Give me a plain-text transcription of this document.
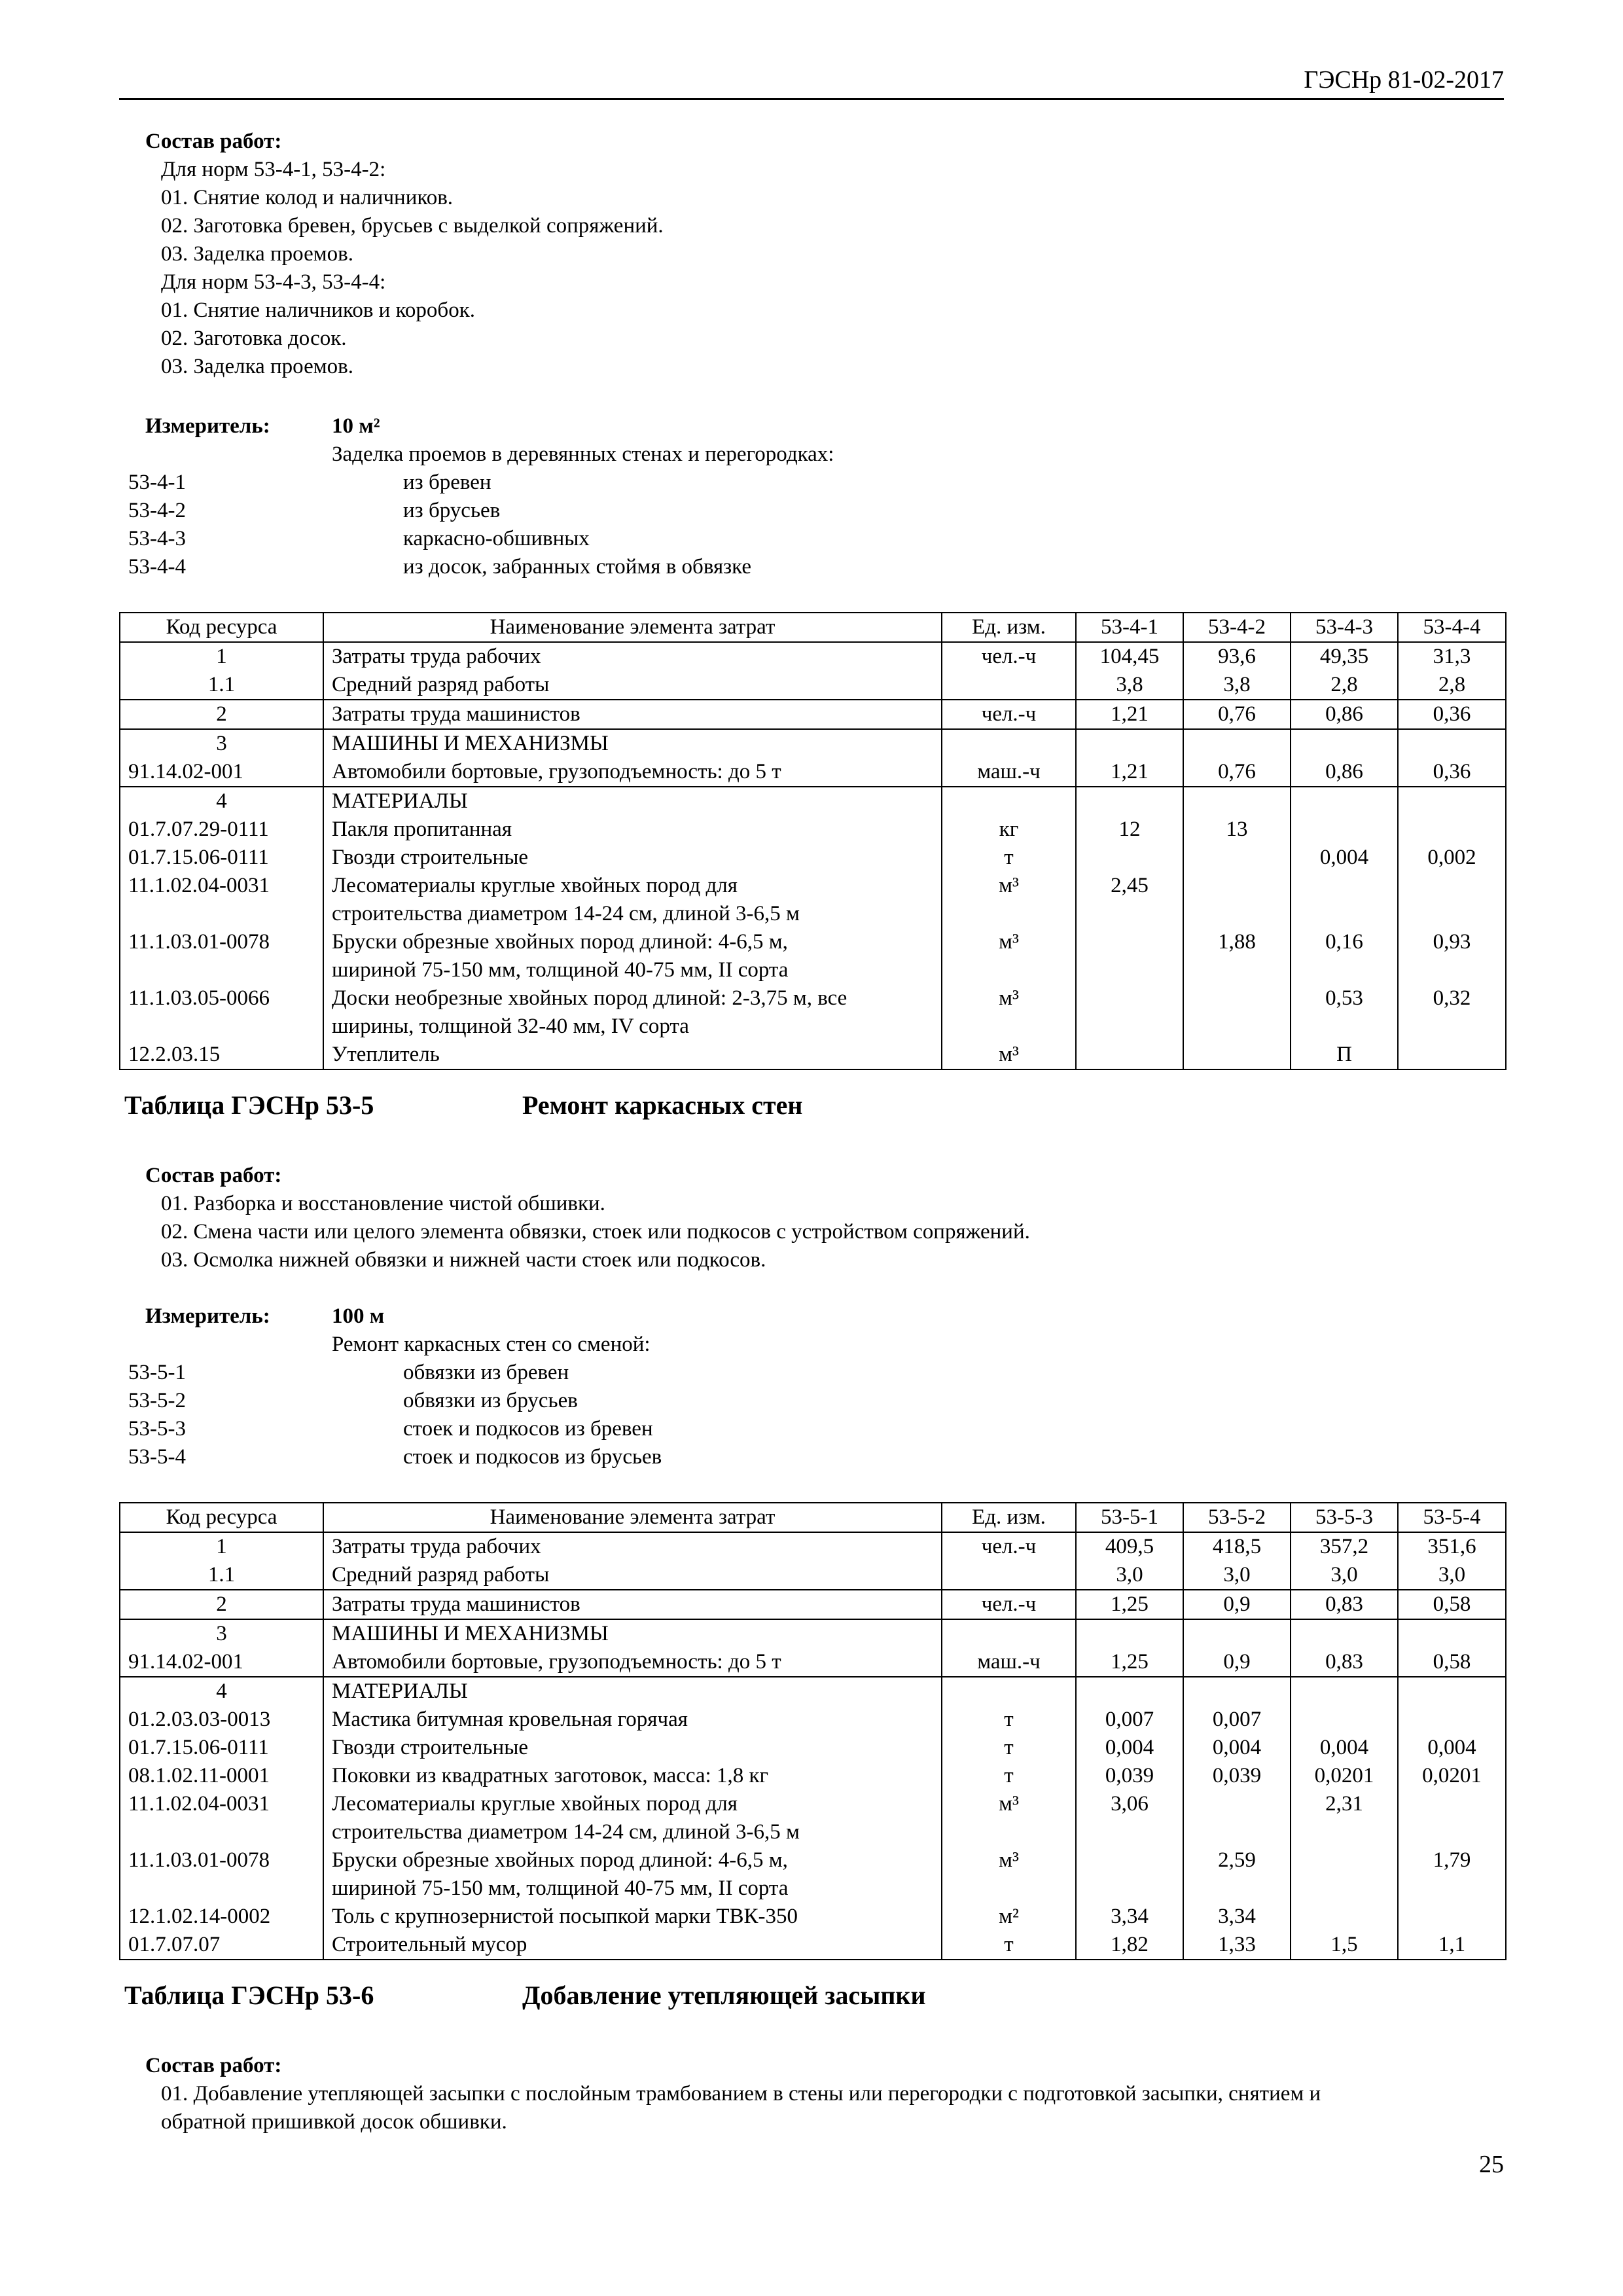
ГЭСНр 81-02-2017
Состав работ:
Для норм 53-4-1, 53-4-2:
01. Снятие колод и наличников.
02. Заготовка бревен, брусьев с выделкой сопряжений.
03. Заделка проемов.
Для норм 53-4-3, 53-4-4:
01. Снятие наличников и коробок.
02. Заготовка досок.
03. Заделка проемов.
Измеритель:	10 м²
Заделка проемов в деревянных стенах и перегородках:
53-4-1	из бревен
53-4-2	из брусьев
53-4-3	каркасно-обшивных
53-4-4	из досок, забранных стоймя в обвязке
Код ресурса	Наименование элемента затрат	Ед. изм.	53-4-1	53-4-2	53-4-3	53-4-4
1	Затраты труда рабочих	чел.-ч	104,45	93,6	49,35	31,3
1.1	Средний разряд работы		3,8	3,8	2,8	2,8
2	Затраты труда машинистов	чел.-ч	1,21	0,76	0,86	0,36
3	МАШИНЫ И МЕХАНИЗМЫ					
91.14.02-001	Автомобили бортовые, грузоподъемность: до 5 т	маш.-ч	1,21	0,76	0,86	0,36
4	МАТЕРИАЛЫ					
01.7.07.29-0111	Пакля пропитанная	кг	12	13		
01.7.15.06-0111	Гвозди строительные	т			0,004	0,002
11.1.02.04-0031	Лесоматериалы круглые хвойных пород для	м³	2,45			
	строительства диаметром 14-24 см, длиной 3-6,5 м					
11.1.03.01-0078	Бруски обрезные хвойных пород длиной: 4-6,5 м,	м³		1,88	0,16	0,93
	шириной 75-150 мм, толщиной 40-75 мм, II сорта					
11.1.03.05-0066	Доски необрезные хвойных пород длиной: 2-3,75 м, все	м³			0,53	0,32
	ширины, толщиной 32-40 мм, IV сорта					
12.2.03.15	Утеплитель	м³			П	
Таблица ГЭСНр 53-5	Ремонт каркасных стен
Состав работ:
01. Разборка и восстановление чистой обшивки.
02. Смена части или целого элемента обвязки, стоек или подкосов с устройством сопряжений.
03. Осмолка нижней обвязки и нижней части стоек или подкосов.
Измеритель:	100 м
Ремонт каркасных стен со сменой:
53-5-1	обвязки из бревен
53-5-2	обвязки из брусьев
53-5-3	стоек и подкосов из бревен
53-5-4	стоек и подкосов из брусьев
Код ресурса	Наименование элемента затрат	Ед. изм.	53-5-1	53-5-2	53-5-3	53-5-4
1	Затраты труда рабочих	чел.-ч	409,5	418,5	357,2	351,6
1.1	Средний разряд работы		3,0	3,0	3,0	3,0
2	Затраты труда машинистов	чел.-ч	1,25	0,9	0,83	0,58
3	МАШИНЫ И МЕХАНИЗМЫ					
91.14.02-001	Автомобили бортовые, грузоподъемность: до 5 т	маш.-ч	1,25	0,9	0,83	0,58
4	МАТЕРИАЛЫ					
01.2.03.03-0013	Мастика битумная кровельная горячая	т	0,007	0,007		
01.7.15.06-0111	Гвозди строительные	т	0,004	0,004	0,004	0,004
08.1.02.11-0001	Поковки из квадратных заготовок, масса: 1,8 кг	т	0,039	0,039	0,0201	0,0201
11.1.02.04-0031	Лесоматериалы круглые хвойных пород для	м³	3,06		2,31	
	строительства диаметром 14-24 см, длиной 3-6,5 м					
11.1.03.01-0078	Бруски обрезные хвойных пород длиной: 4-6,5 м,	м³		2,59		1,79
	шириной 75-150 мм, толщиной 40-75 мм, II сорта					
12.1.02.14-0002	Толь с крупнозернистой посыпкой марки ТВК-350	м²	3,34	3,34		
01.7.07.07	Строительный мусор	т	1,82	1,33	1,5	1,1
Таблица ГЭСНр 53-6	Добавление утепляющей засыпки
Состав работ:
01. Добавление утепляющей засыпки с послойным трамбованием в стены или перегородки с подготовкой засыпки, снятием и
обратной пришивкой досок обшивки.
25
